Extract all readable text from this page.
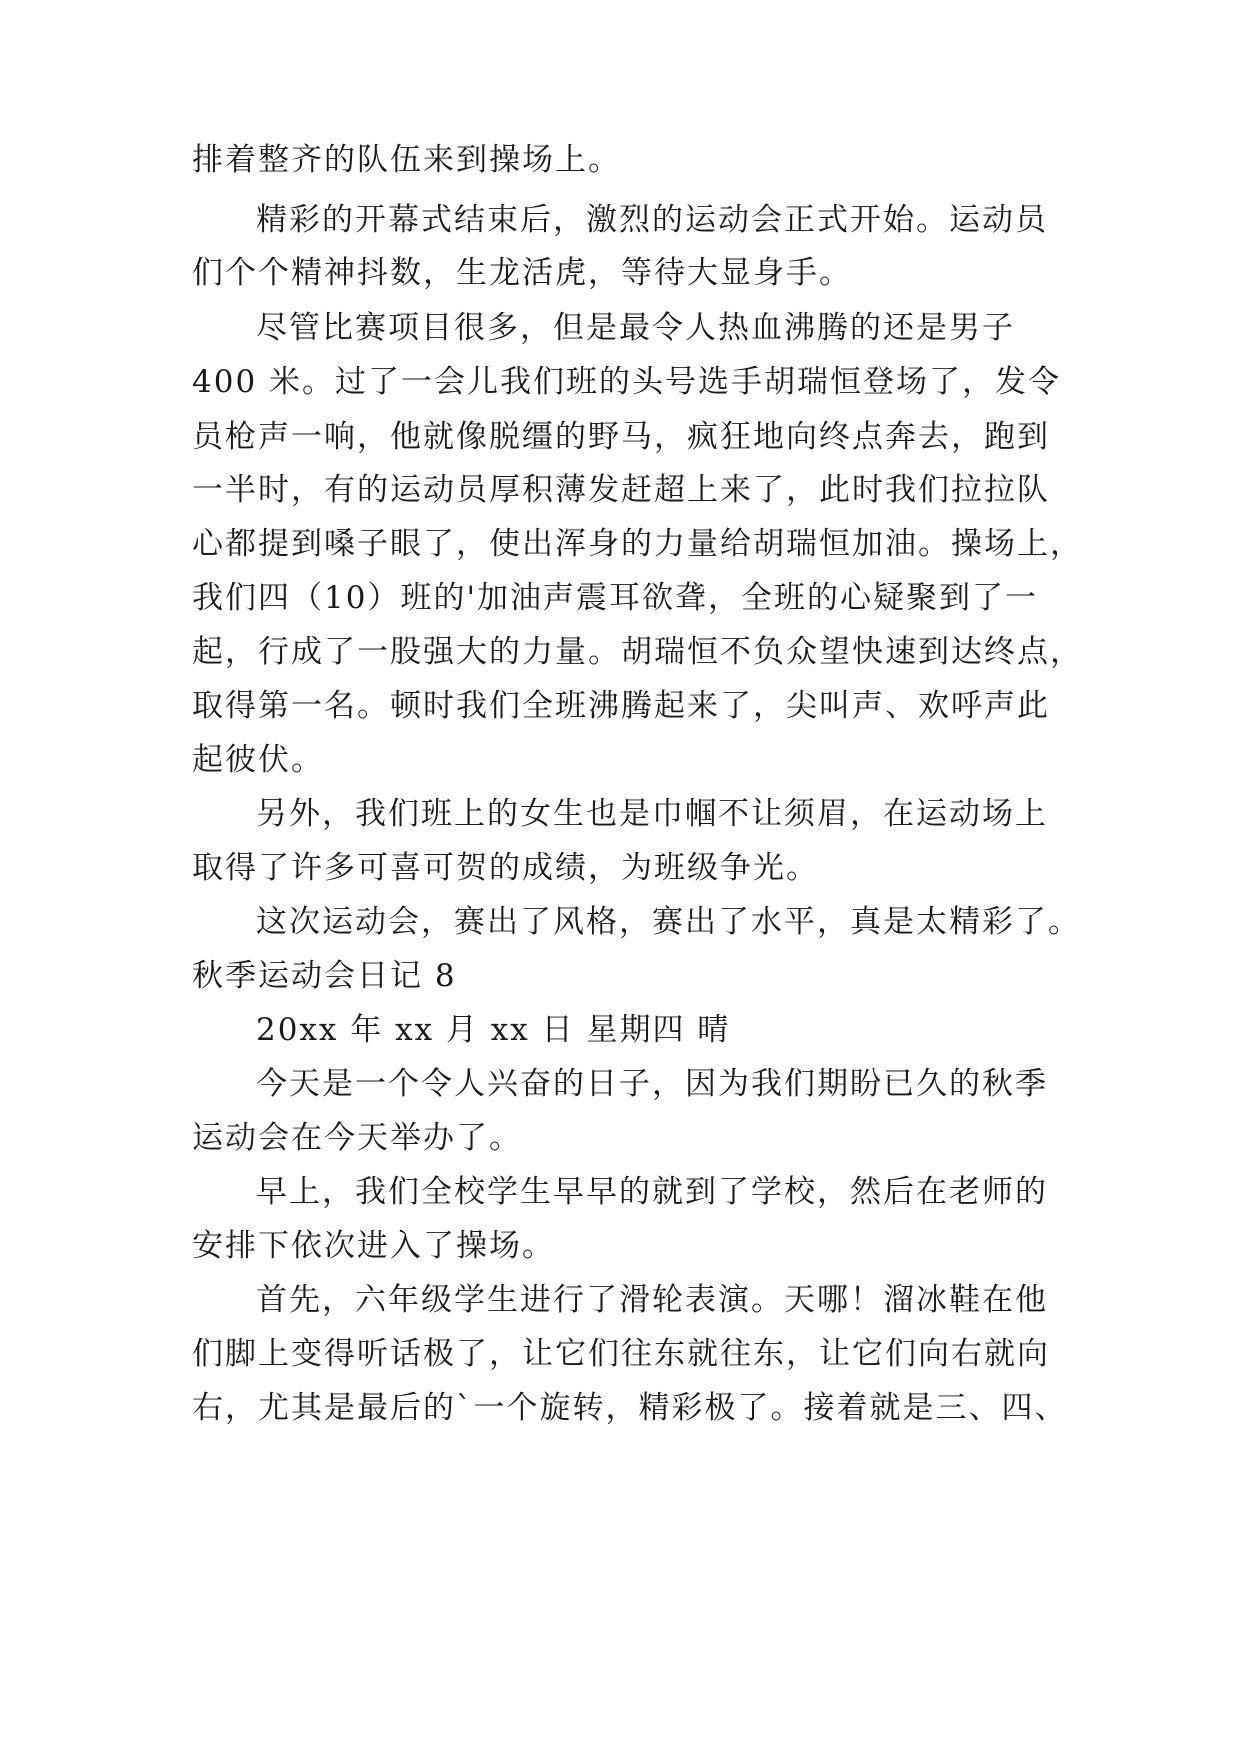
排着整齐的队伍来到操场上。
精彩的开幕式结束后，激烈的运动会正式开始。运动员
们个个精神抖数，生龙活虎，等待大显身手。
尽管比赛项目很多，但是最令人热血沸腾的还是男子
400 米。过了一会儿我们班的头号选手胡瑞恒登场了，发令
员枪声一响，他就像脱缰的野马，疯狂地向终点奔去，跑到
一半时，有的运动员厚积薄发赶超上来了，此时我们拉拉队
心都提到嗓子眼了，使出浑身的力量给胡瑞恒加油。操场上，
我们四（10）班的'加油声震耳欲聋，全班的心疑聚到了一
起，行成了一股强大的力量。胡瑞恒不负众望快速到达终点，
取得第一名。顿时我们全班沸腾起来了，尖叫声、欢呼声此
起彼伏。
另外，我们班上的女生也是巾帼不让须眉，在运动场上
取得了许多可喜可贺的成绩，为班级争光。
这次运动会，赛出了风格，赛出了水平，真是太精彩了。
秋季运动会日记 8
20xx 年 xx 月 xx 日 星期四 晴
今天是一个令人兴奋的日子，因为我们期盼已久的秋季
运动会在今天举办了。
早上，我们全校学生早早的就到了学校，然后在老师的
安排下依次进入了操场。
首先，六年级学生进行了滑轮表演。天哪！溜冰鞋在他
们脚上变得听话极了，让它们往东就往东，让它们向右就向
右，尤其是最后的`一个旋转，精彩极了。接着就是三、四、
